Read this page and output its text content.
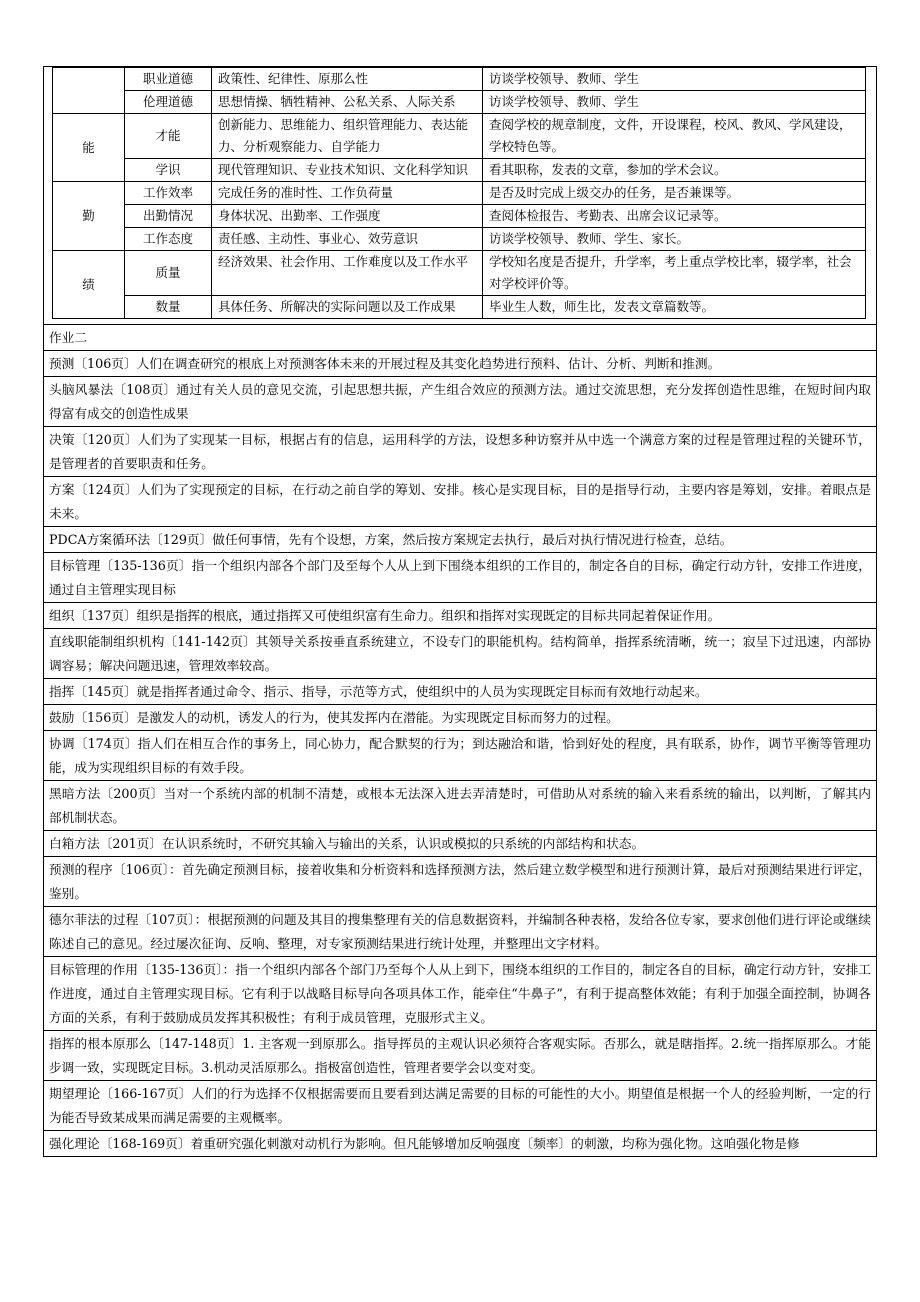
	职业道德	政策性、纪律性、原那么性	访谈学校领导、教师、学生
	伦理道德	思想情操、牺牲精神、公私关系、人际关系	访谈学校领导、教师、学生
能	才能	创新能力、思维能力、组织管理能力、表达能力、分析观察能力、自学能力	查阅学校的规章制度，文件，开设课程，校风、教风、学风建设，学校特色等。
	学识	现代管理知识、专业技术知识、文化科学知识	看其职称，发表的文章，参加的学术会议。
勤	工作效率	完成任务的准时性、工作负荷量	是否及时完成上级交办的任务，是否兼课等。
	出勤情况	身体状况、出勤率、工作强度	查阅体检报告、考勤表、出席会议记录等。
	工作态度	责任感、主动性、事业心、效劳意识	访谈学校领导、教师、学生、家长。
绩	质量	经济效果、社会作用、工作难度以及工作水平	学校知名度是否提升，升学率，考上重点学校比率，辍学率，社会对学校评价等。
	数量	具体任务、所解决的实际问题以及工作成果	毕业生人数，师生比，发表文章篇数等。
作业二
预测〔106页〕人们在调查研究的根底上对预测客体未来的开展过程及其变化趋势进行预料、估计、分析、判断和推测。
头脑风暴法〔108页〕通过有关人员的意见交流，引起思想共振，产生组合效应的预测方法。通过交流思想，充分发挥创造性思维，在短时间内取得富有成交的创造性成果
决策〔120页〕人们为了实现某一目标，根据占有的信息，运用科学的方法，设想多种访察并从中选一个满意方案的过程是管理过程的关键环节，是管理者的首要职责和任务。
方案〔124页〕人们为了实现预定的目标，在行动之前自学的筹划、安排。核心是实现目标，目的是指导行动，主要内容是筹划，安排。着眼点是未来。
PDCA方案循环法〔129页〕做任何事情，先有个设想，方案，然后按方案规定去执行，最后对执行情况进行检查，总结。
目标管理〔135-136页〕指一个组织内部各个部门及至每个人从上到下围绕本组织的工作目的，制定各自的目标，确定行动方针，安排工作进度，通过自主管理实现目标
组织〔137页〕组织是指挥的根底，通过指挥又可使组织富有生命力。组织和指挥对实现既定的目标共同起着保证作用。
直线职能制组织机构〔141-142页〕其领导关系按垂直系统建立，不设专门的职能机构。结构简单，指挥系统清晰，统一；寂呈下过迅速，内部协调容易；解决问题迅速，管理效率较高。
指挥〔145页〕就是指挥者通过命令、指示、指导，示范等方式，使组织中的人员为实现既定目标而有效地行动起来。
鼓励〔156页〕是激发人的动机，诱发人的行为，使其发挥内在潜能。为实现既定目标而努力的过程。
协调〔174页〕指人们在相互合作的事务上，同心协力，配合默契的行为；到达融洽和谐，恰到好处的程度，具有联系，协作，调节平衡等管理功能，成为实现组织目标的有效手段。
黑暗方法〔200页〕当对一个系统内部的机制不清楚，或根本无法深入进去弄清楚时，可借助从对系统的输入来看系统的输出，以判断，了解其内部机制状态。
白箱方法〔201页〕在认识系统时，不研究其输入与输出的关系，认识或模拟的只系统的内部结构和状态。
预测的程序〔106页〕：首先确定预测目标，接着收集和分析资料和选择预测方法，然后建立数学模型和进行预测计算，最后对预测结果进行评定，鉴别。
德尔菲法的过程〔107页〕：根据预测的问题及其目的搜集整理有关的信息数据资料，并编制各种表格，发给各位专家，要求创他们进行评论或继续陈述自己的意见。经过屡次征询、反响、整理，对专家预测结果进行统计处理，并整理出文字材料。
目标管理的作用〔135-136页〕：指一个组织内部各个部门乃至每个人从上到下，围绕本组织的工作目的，制定各自的目标，确定行动方针，安排工作进度，通过自主管理实现目标。它有利于以战略目标导向各项具体工作，能牵住“牛鼻子”，有利于提高整体效能；有利于加强全面控制，协调各方面的关系，有利于鼓励成员发挥其积极性；有利于成员管理，克服形式主义。
指挥的根本原那么〔147-148页〕1. 主客观一到原那么。指导挥员的主观认识必须符合客观实际。否那么，就是瞎指挥。2.统一指挥原那么。才能步调一致，实现既定目标。3.机动灵活原那么。指极富创造性，管理者要学会以变对变。
期望理论〔166-167页〕人们的行为选择不仅根据需要而且要看到达满足需要的目标的可能性的大小。期望值是根据一个人的经验判断，一定的行为能否导致某成果而满足需要的主观概率。
强化理论〔168-169页〕着重研究强化刺激对动机行为影响。但凡能够增加反响强度〔频率〕的刺激，均称为强化物。这咱强化物是修
